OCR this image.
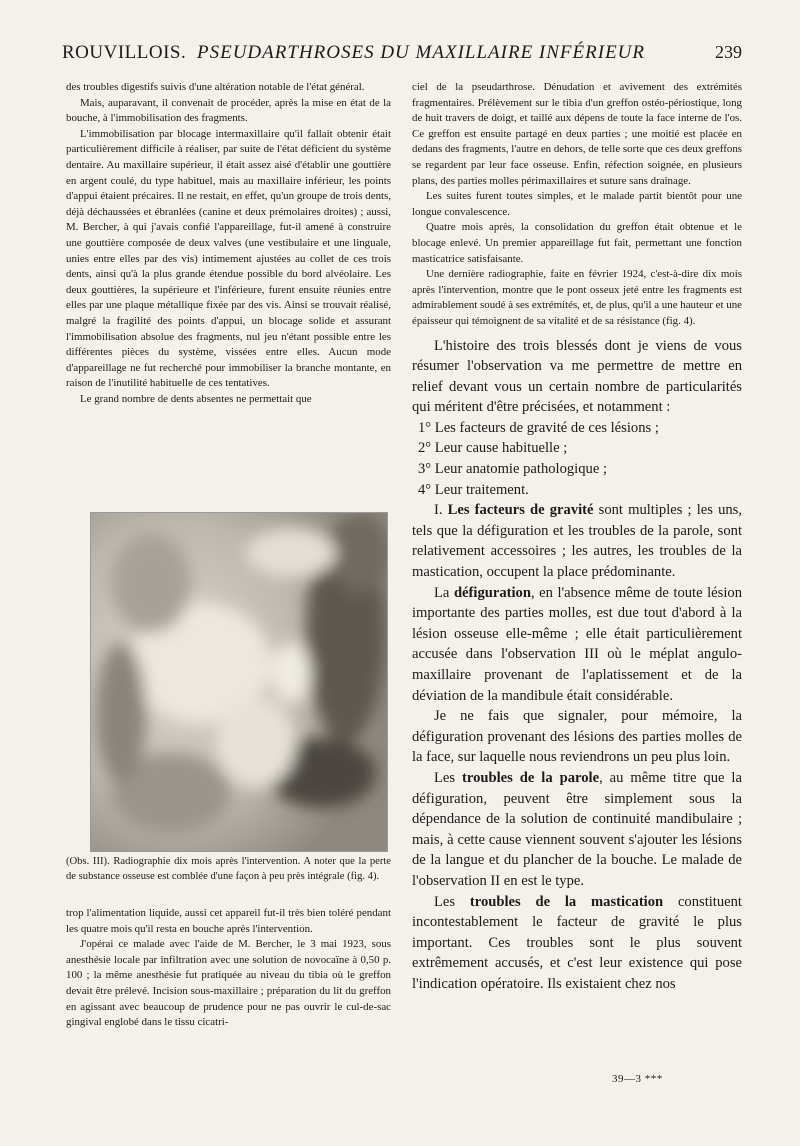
ROUVILLOIS. PSEUDARTHROSES DU MAXILLAIRE INFÉRIEUR	239

des troubles digestifs suivis d'une altération notable de l'état général.

Mais, auparavant, il convenait de procéder, après la mise en état de la bouche, à l'immobilisation des fragments.

L'immobilisation par blocage intermaxillaire qu'il fallait obtenir était particulièrement difficile à réaliser, par suite de l'état déficient du système dentaire. Au maxillaire supérieur, il était assez aisé d'établir une gouttière en argent coulé, du type habituel, mais au maxillaire inférieur, les points d'appui étaient précaires. Il ne restait, en effet, qu'un groupe de trois dents, déjà déchaussées et ébranlées (canine et deux prémolaires droites) ; aussi, M. Bercher, à qui j'avais confié l'appareillage, fut-il amené à construire une gouttière composée de deux valves (une vestibulaire et une linguale, unies entre elles par des vis) intimement ajustées au collet de ces trois dents, ainsi qu'à la plus grande étendue possible du bord alvéolaire. Les deux gouttières, la supérieure et l'inférieure, furent ensuite réunies entre elles par une plaque métallique fixée par des vis. Ainsi se trouvait réalisé, malgré la fragilité des points d'appui, un blocage solide et assurant l'immobilisation absolue des fragments, nul jeu n'étant possible entre les différentes pièces du système, vissées entre elles. Aucun mode d'appareillage ne fut recherché pour immobiliser la branche montante, en raison de l'inutilité habituelle de ces tentatives.

Le grand nombre de dents absentes ne permettait que

(Obs. III). Radiographie dix mois après l'intervention. A noter que la perte de substance osseuse est comblée d'une façon à peu près intégrale (fig. 4).

trop l'alimentation liquide, aussi cet appareil fut-il très bien toléré pendant les quatre mois qu'il resta en bouche après l'intervention.

J'opérai ce malade avec l'aide de M. Bercher, le 3 mai 1923, sous anesthésie locale par infiltration avec une solution de novocaïne à 0,50 p. 100 ; la même anesthésie fut pratiquée au niveau du tibia où le greffon devait être prélevé. Incision sous-maxillaire ; préparation du lit du greffon en agissant avec beaucoup de prudence pour ne pas ouvrir le cul-de-sac gingival englobé dans le tissu cicatri-

ciel de la pseudarthrose. Dénudation et avivement des extrémités fragmentaires. Prélèvement sur le tibia d'un greffon ostéo-périostique, long de huit travers de doigt, et taillé aux dépens de toute la face interne de l'os. Ce greffon est ensuite partagé en deux parties ; une moitié est placée en dedans des fragments, l'autre en dehors, de telle sorte que ces deux greffons se regardent par leur face osseuse. Enfin, réfection soignée, en plusieurs plans, des parties molles périmaxillaires et suture sans drainage.

Les suites furent toutes simples, et le malade partit bientôt pour une longue convalescence.

Quatre mois après, la consolidation du greffon était obtenue et le blocage enlevé. Un premier appareillage fut fait, permettant une fonction masticatrice satisfaisante.

Une dernière radiographie, faite en février 1924, c'est-à-dire dix mois après l'intervention, montre que le pont osseux jeté entre les fragments est admirablement soudé à ses extrémités, et, de plus, qu'il a une hauteur et une épaisseur qui témoignent de sa vitalité et de sa résistance (fig. 4).

L'histoire des trois blessés dont je viens de vous résumer l'observation va me permettre de mettre en relief devant vous un certain nombre de particularités qui méritent d'être précisées, et notamment :

1° Les facteurs de gravité de ces lésions ;

2° Leur cause habituelle ;

3° Leur anatomie pathologique ;

4° Leur traitement.

I. Les facteurs de gravité sont multiples ; les uns, tels que la défiguration et les troubles de la parole, sont relativement accessoires ; les autres, les troubles de la mastication, occupent la place prédominante.

La défiguration, en l'absence même de toute lésion importante des parties molles, est due tout d'abord à la lésion osseuse elle-même ; elle était particulièrement accusée dans l'observation III où le méplat angulo-maxillaire provenant de l'aplatissement et de la déviation de la mandibule était considérable.

Je ne fais que signaler, pour mémoire, la défiguration provenant des lésions des parties molles de la face, sur laquelle nous reviendrons un peu plus loin.

Les troubles de la parole, au même titre que la défiguration, peuvent être simplement sous la dépendance de la solution de continuité mandibulaire ; mais, à cette cause viennent souvent s'ajouter les lésions de la langue et du plancher de la bouche. Le malade de l'observation II en est le type.

Les troubles de la mastication constituent incontestablement le facteur de gravité le plus important. Ces troubles sont le plus souvent extrêmement accusés, et c'est leur existence qui pose l'indication opératoire. Ils existaient chez nos

39—3 ***
